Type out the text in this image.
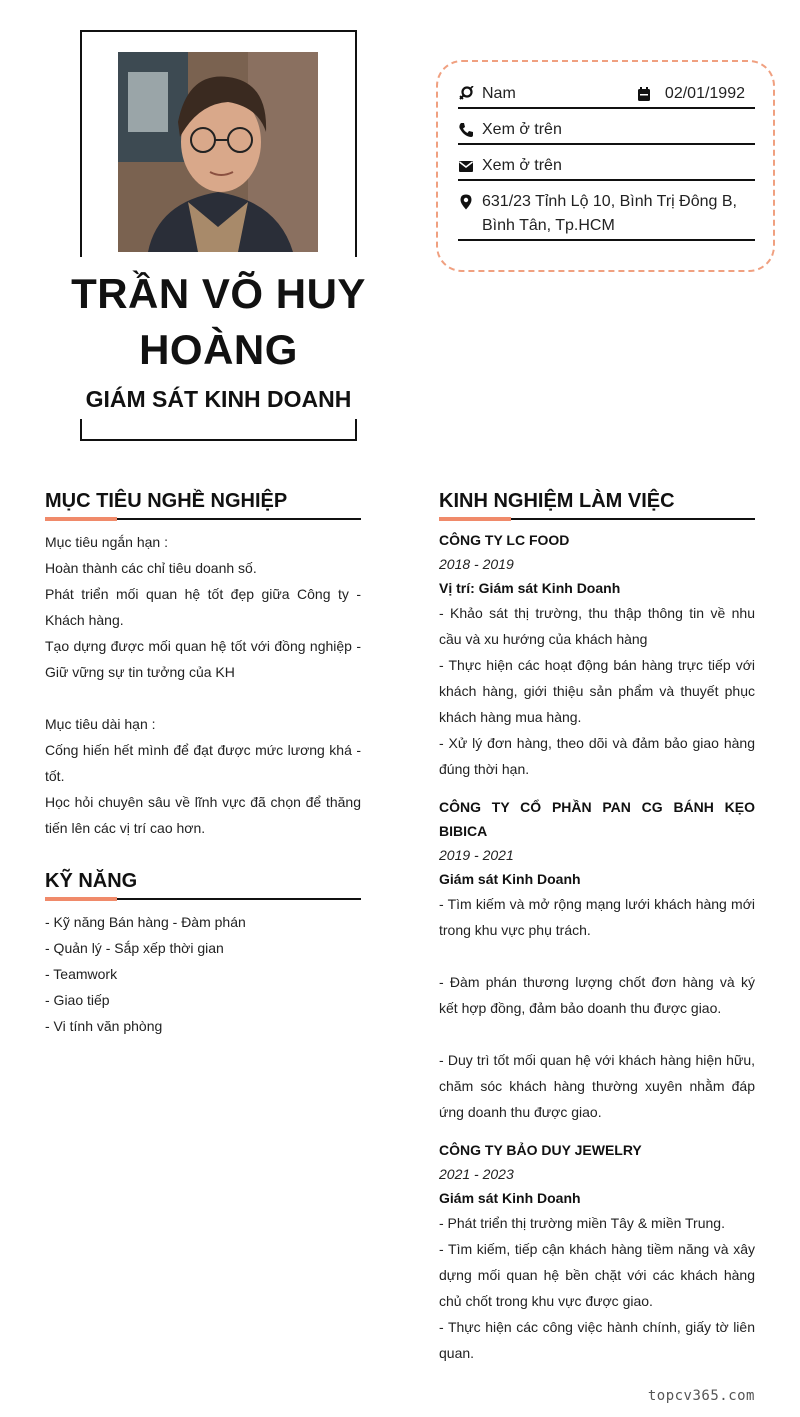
TRẦN VÕ HUY HOÀNG
GIÁM SÁT KINH DOANH
Nam	02/01/1992
Xem ở trên
Xem ở trên
631/23 Tỉnh Lộ 10, Bình Trị Đông B, Bình Tân, Tp.HCM
MỤC TIÊU NGHỀ NGHIỆP

Mục tiêu ngắn hạn :

Hoàn thành các chỉ tiêu doanh số.

Phát triển mối quan hệ tốt đẹp giữa Công ty - Khách hàng.

Tạo dựng được mối quan hệ tốt với đồng nghiệp - Giữ vững sự tin tưởng của KH

Mục tiêu dài hạn :

Cống hiến hết mình để đạt được mức lương khá - tốt.

Học hỏi chuyên sâu về lĩnh vực đã chọn để thăng tiến lên các vị trí cao hơn.

KỸ NĂNG

- Kỹ năng Bán hàng - Đàm phán

- Quản lý - Sắp xếp thời gian

- Teamwork

- Giao tiếp

- Vi tính văn phòng

KINH NGHIỆM LÀM VIỆC
CÔNG TY LC FOOD
2018 - 2019
Vị trí: Giám sát Kinh Doanh

- Khảo sát thị trường, thu thập thông tin về nhu cầu và xu hướng của khách hàng

- Thực hiện các hoạt động bán hàng trực tiếp với khách hàng, giới thiệu sản phẩm và thuyết phục khách hàng mua hàng.

- Xử lý đơn hàng, theo dõi và đảm bảo giao hàng đúng thời hạn.

CÔNG TY CỔ PHẦN PAN CG BÁNH KẸO BIBICA
2019 - 2021
Giám sát Kinh Doanh

- Tìm kiếm và mở rộng mạng lưới khách hàng mới trong khu vực phụ trách.

- Đàm phán thương lượng chốt đơn hàng và ký kết hợp đồng, đảm bảo doanh thu được giao.

- Duy trì tốt mối quan hệ với khách hàng hiện hữu, chăm sóc khách hàng thường xuyên nhằm đáp ứng doanh thu được giao.

CÔNG TY BẢO DUY JEWELRY
2021 - 2023
Giám sát Kinh Doanh

- Phát triển thị trường miền Tây & miền Trung.

- Tìm kiếm, tiếp cận khách hàng tiềm năng và xây dựng mối quan hệ bền chặt với các khách hàng chủ chốt trong khu vực được giao.

- Thực hiện các công việc hành chính, giấy tờ liên quan.

topcv365.com
